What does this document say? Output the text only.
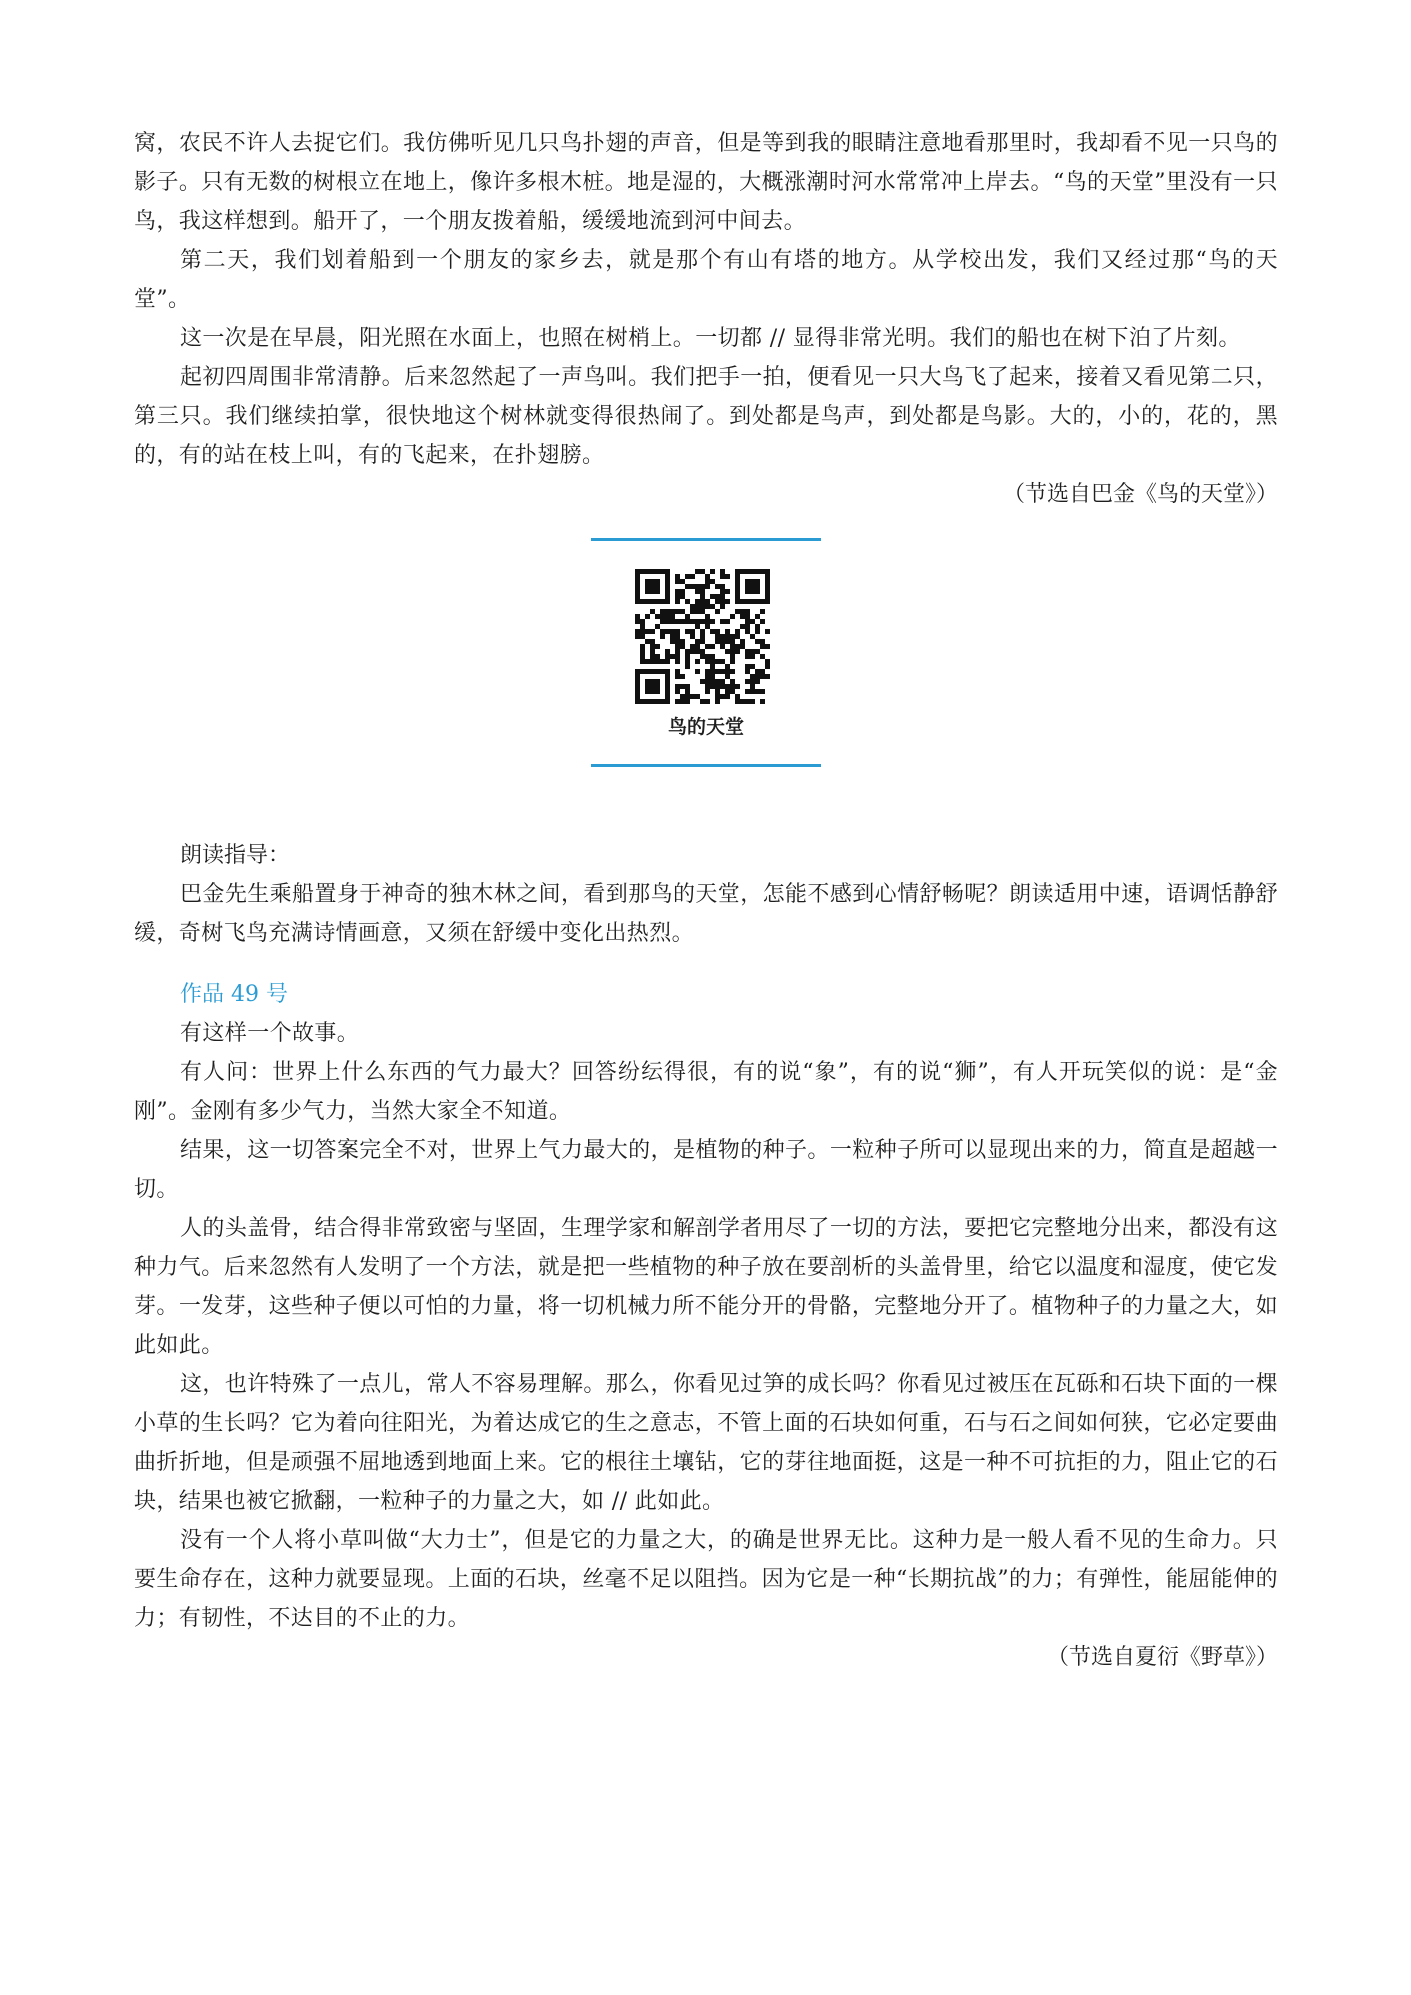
窝，农民不许人去捉它们。我仿佛听见几只鸟扑翅的声音，但是等到我的眼睛注意地看那里时，我却看不见一只鸟的影子。只有无数的树根立在地上，像许多根木桩。地是湿的，大概涨潮时河水常常冲上岸去。“鸟的天堂”里没有一只鸟，我这样想到。船开了，一个朋友拨着船，缓缓地流到河中间去。

第二天，我们划着船到一个朋友的家乡去，就是那个有山有塔的地方。从学校出发，我们又经过那“鸟的天堂”。

这一次是在早晨，阳光照在水面上，也照在树梢上。一切都 // 显得非常光明。我们的船也在树下泊了片刻。

起初四周围非常清静。后来忽然起了一声鸟叫。我们把手一拍，便看见一只大鸟飞了起来，接着又看见第二只，第三只。我们继续拍掌，很快地这个树林就变得很热闹了。到处都是鸟声，到处都是鸟影。大的，小的，花的，黑的，有的站在枝上叫，有的飞起来，在扑翅膀。

（节选自巴金《鸟的天堂》）

鸟的天堂

朗读指导：

巴金先生乘船置身于神奇的独木林之间，看到那鸟的天堂，怎能不感到心情舒畅呢？朗读适用中速，语调恬静舒缓，奇树飞鸟充满诗情画意，又须在舒缓中变化出热烈。

作品 49 号

有这样一个故事。

有人问：世界上什么东西的气力最大？回答纷纭得很，有的说“象”，有的说“狮”，有人开玩笑似的说：是“金刚”。金刚有多少气力，当然大家全不知道。

结果，这一切答案完全不对，世界上气力最大的，是植物的种子。一粒种子所可以显现出来的力，简直是超越一切。

人的头盖骨，结合得非常致密与坚固，生理学家和解剖学者用尽了一切的方法，要把它完整地分出来，都没有这种力气。后来忽然有人发明了一个方法，就是把一些植物的种子放在要剖析的头盖骨里，给它以温度和湿度，使它发芽。一发芽，这些种子便以可怕的力量，将一切机械力所不能分开的骨骼，完整地分开了。植物种子的力量之大，如此如此。

这，也许特殊了一点儿，常人不容易理解。那么，你看见过笋的成长吗？你看见过被压在瓦砾和石块下面的一棵小草的生长吗？它为着向往阳光，为着达成它的生之意志，不管上面的石块如何重，石与石之间如何狭，它必定要曲曲折折地，但是顽强不屈地透到地面上来。它的根往土壤钻，它的芽往地面挺，这是一种不可抗拒的力，阻止它的石块，结果也被它掀翻，一粒种子的力量之大，如 // 此如此。

没有一个人将小草叫做“大力士”，但是它的力量之大，的确是世界无比。这种力是一般人看不见的生命力。只要生命存在，这种力就要显现。上面的石块，丝毫不足以阻挡。因为它是一种“长期抗战”的力；有弹性，能屈能伸的力；有韧性，不达目的不止的力。

（节选自夏衍《野草》）
